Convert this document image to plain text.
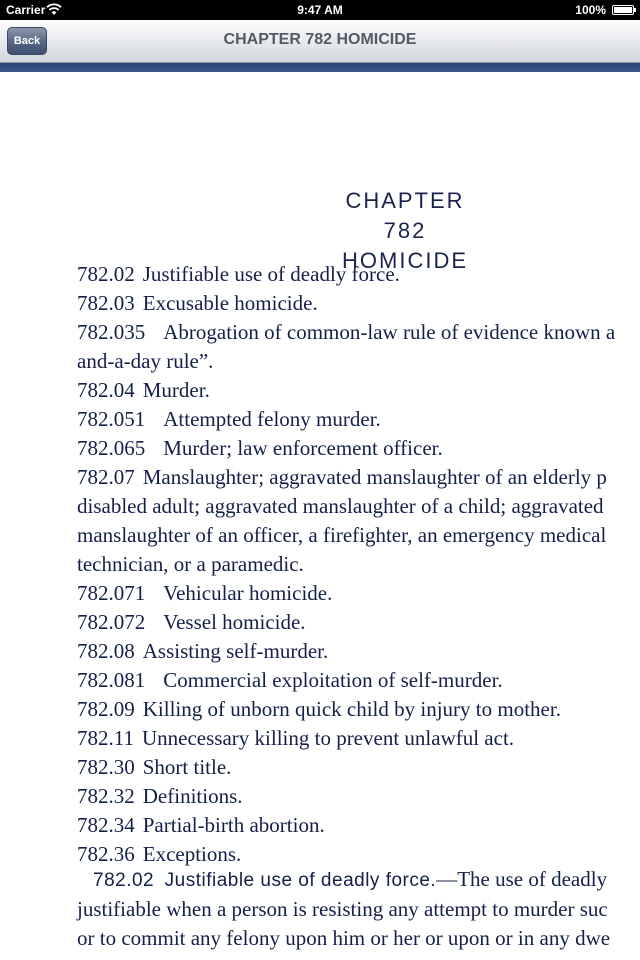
Carrier	9:47 AM	100%
Back	CHAPTER 782 HOMICIDE
CHAPTER 782
HOMICIDE
782.02 Justifiable use of deadly force.
782.03 Excusable homicide.
782.035 Abrogation of common-law rule of evidence known a
and-a-day rule”.
782.04 Murder.
782.051 Attempted felony murder.
782.065 Murder; law enforcement officer.
782.07 Manslaughter; aggravated manslaughter of an elderly p
disabled adult; aggravated manslaughter of a child; aggravated
manslaughter of an officer, a firefighter, an emergency medical
technician, or a paramedic.
782.071 Vehicular homicide.
782.072 Vessel homicide.
782.08 Assisting self-murder.
782.081 Commercial exploitation of self-murder.
782.09 Killing of unborn quick child by injury to mother.
782.11 Unnecessary killing to prevent unlawful act.
782.30 Short title.
782.32 Definitions.
782.34 Partial-birth abortion.
782.36 Exceptions.
782.02 Justifiable use of deadly force.—The use of deadly
justifiable when a person is resisting any attempt to murder suc
or to commit any felony upon him or her or upon or in any dwe
